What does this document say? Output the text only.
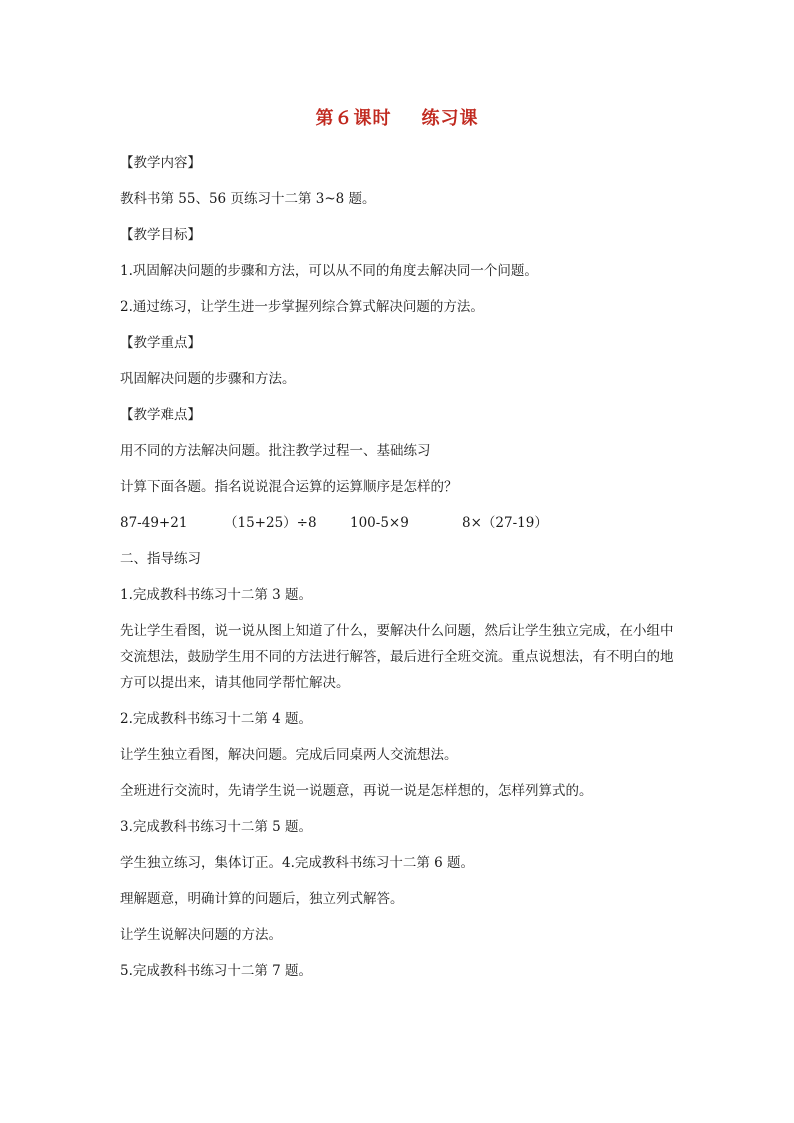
第６课时 练习课

【教学内容】

教科书第 55、56 页练习十二第 3~8 题。

【教学目标】

1.巩固解决问题的步骤和方法，可以从不同的角度去解决同一个问题。

2.通过练习，让学生进一步掌握列综合算式解决问题的方法。

【教学重点】

巩固解决问题的步骤和方法。

【教学难点】

用不同的方法解决问题。批注教学过程一、基础练习

计算下面各题。指名说说混合运算的运算顺序是怎样的？

87-49+21	（15+25）÷8	100-5×9	8×（27-19）

二、指导练习

1.完成教科书练习十二第 3 题。

先让学生看图，说一说从图上知道了什么，要解决什么问题，然后让学生独立完成，在小组中交流想法，鼓励学生用不同的方法进行解答，最后进行全班交流。重点说想法，有不明白的地方可以提出来，请其他同学帮忙解决。

2.完成教科书练习十二第 4 题。

让学生独立看图，解决问题。完成后同桌两人交流想法。

全班进行交流时，先请学生说一说题意，再说一说是怎样想的，怎样列算式的。

3.完成教科书练习十二第 5 题。

学生独立练习，集体订正。4.完成教科书练习十二第 6 题。

理解题意，明确计算的问题后，独立列式解答。

让学生说解决问题的方法。

5.完成教科书练习十二第 7 题。
